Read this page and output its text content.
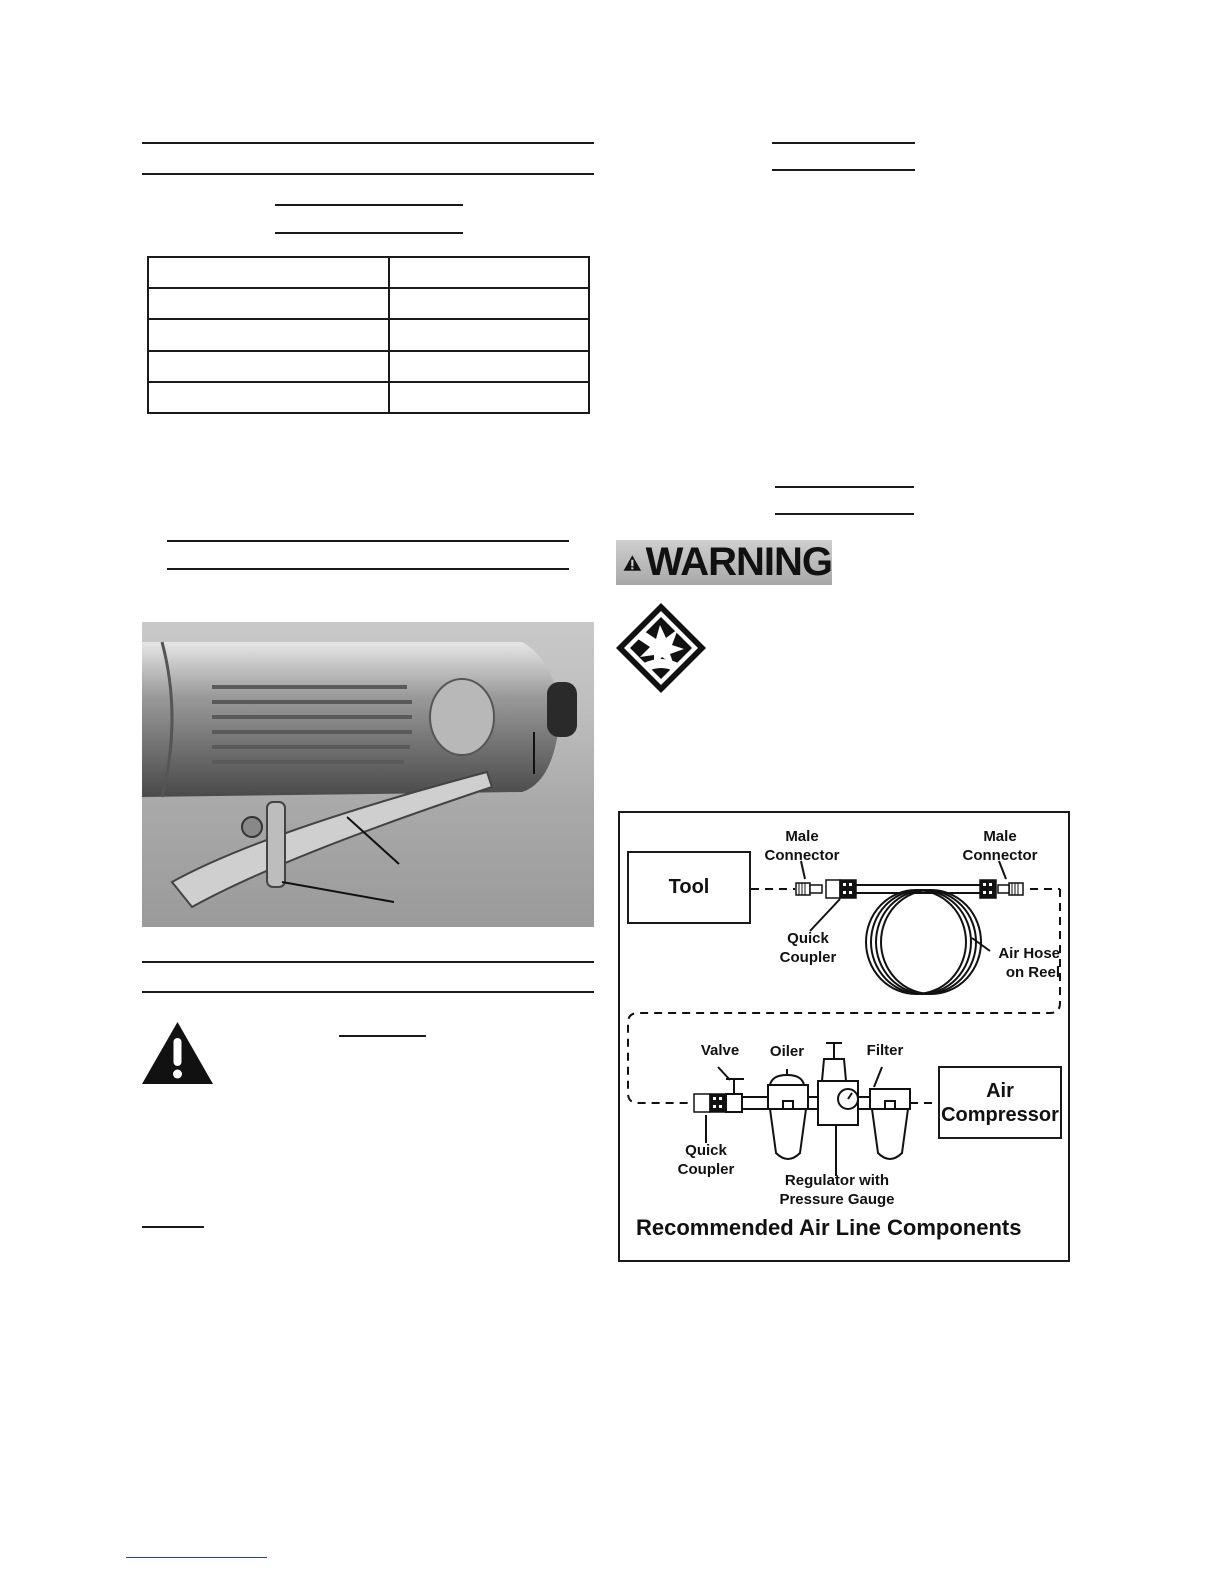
WARNING
Tool
Male
Connector
Male
Connector
Quick
Coupler	Air Hose
on Reel
Valve	Oiler	Filter
Air
Compressor
Quick
Coupler
Regulator with
Pressure Gauge
Recommended Air Line Components
